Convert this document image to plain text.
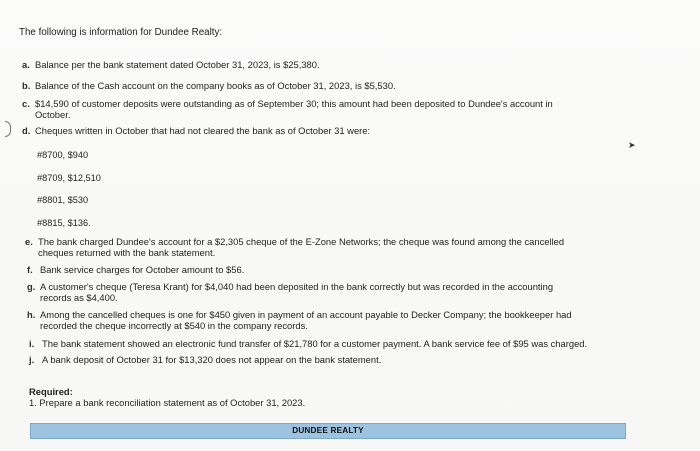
The following is information for Dundee Realty:
a. Balance per the bank statement dated October 31, 2023, is $25,380.
b. Balance of the Cash account on the company books as of October 31, 2023, is $5,530.
c. $14,590 of customer deposits were outstanding as of September 30; this amount had been deposited to Dundee's account in
October.
d. Cheques written in October that had not cleared the bank as of October 31 were:
#8700, $940
#8709, $12,510
#8801, $530
#8815, $136.
e. The bank charged Dundee's account for a $2,305 cheque of the E-Zone Networks; the cheque was found among the cancelled
cheques returned with the bank statement.
f. Bank service charges for October amount to $56.
g. A customer's cheque (Teresa Krant) for $4,040 had been deposited in the bank correctly but was recorded in the accounting
records as $4,400.
h. Among the cancelled cheques is one for $450 given in payment of an account payable to Decker Company; the bookkeeper had
recorded the cheque incorrectly at $540 in the company records.
i. The bank statement showed an electronic fund transfer of $21,780 for a customer payment. A bank service fee of $95 was charged.
j. A bank deposit of October 31 for $13,320 does not appear on the bank statement.
Required:
1. Prepare a bank reconciliation statement as of October 31, 2023.
➤
DUNDEE REALTY
